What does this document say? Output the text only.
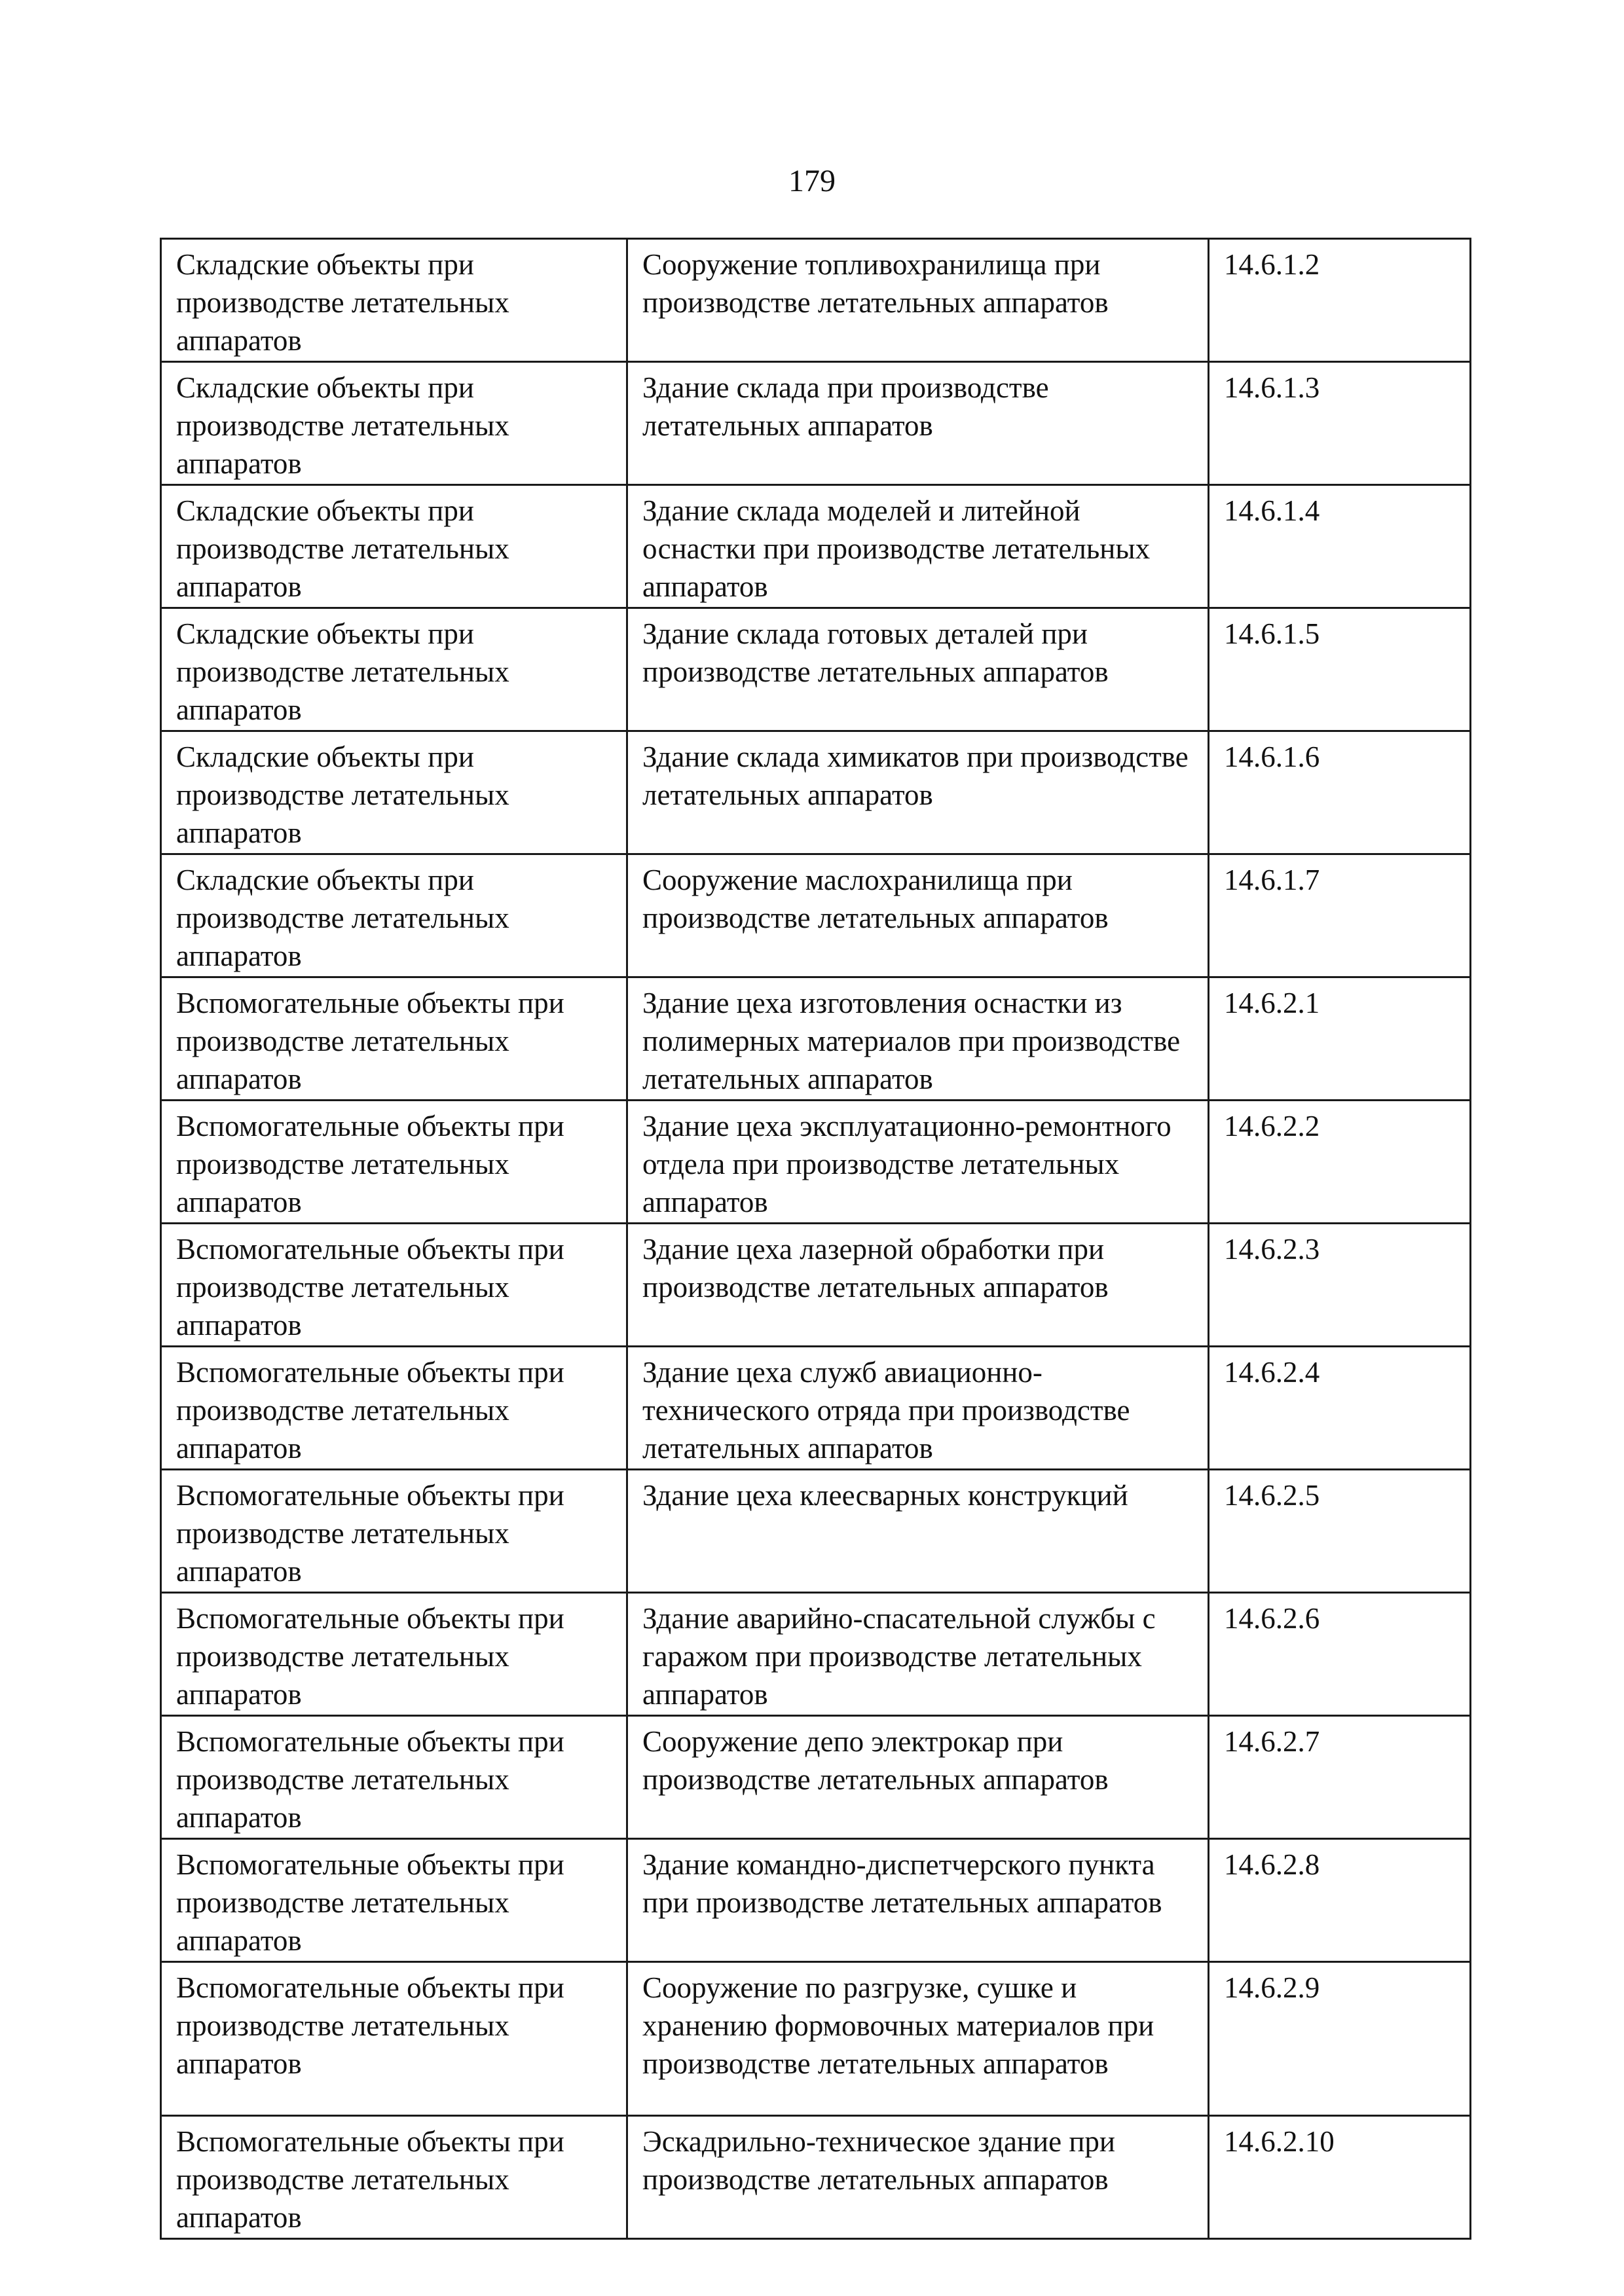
179
Складские объекты при производстве летательных аппаратов	Сооружение топливохранилища при производстве летательных аппаратов	14.6.1.2
Складские объекты при производстве летательных аппаратов	Здание склада при производстве летательных аппаратов	14.6.1.3
Складские объекты при производстве летательных аппаратов	Здание склада моделей и литейной оснастки при производстве летательных аппаратов	14.6.1.4
Складские объекты при производстве летательных аппаратов	Здание склада готовых деталей при производстве летательных аппаратов	14.6.1.5
Складские объекты при производстве летательных аппаратов	Здание склада химикатов при производстве летательных аппаратов	14.6.1.6
Складские объекты при производстве летательных аппаратов	Сооружение маслохранилища при производстве летательных аппаратов	14.6.1.7
Вспомогательные объекты при производстве летательных аппаратов	Здание цеха изготовления оснастки из полимерных материалов при производстве летательных аппаратов	14.6.2.1
Вспомогательные объекты при производстве летательных аппаратов	Здание цеха эксплуатационно-ремонтного отдела при производстве летательных аппаратов	14.6.2.2
Вспомогательные объекты при производстве летательных аппаратов	Здание цеха лазерной обработки при производстве летательных аппаратов	14.6.2.3
Вспомогательные объекты при производстве летательных аппаратов	Здание цеха служб авиационно-технического отряда при производстве летательных аппаратов	14.6.2.4
Вспомогательные объекты при производстве летательных аппаратов	Здание цеха клеесварных конструкций	14.6.2.5
Вспомогательные объекты при производстве летательных аппаратов	Здание аварийно-спасательной службы с гаражом при производстве летательных аппаратов	14.6.2.6
Вспомогательные объекты при производстве летательных аппаратов	Сооружение депо электрокар при производстве летательных аппаратов	14.6.2.7
Вспомогательные объекты при производстве летательных аппаратов	Здание командно-диспетчерского пункта при производстве летательных аппаратов	14.6.2.8
Вспомогательные объекты при производстве летательных аппаратов	Сооружение по разгрузке, сушке и хранению формовочных материалов при производстве летательных аппаратов	14.6.2.9
Вспомогательные объекты при производстве летательных аппаратов	Эскадрильно-техническое здание при производстве летательных аппаратов	14.6.2.10
